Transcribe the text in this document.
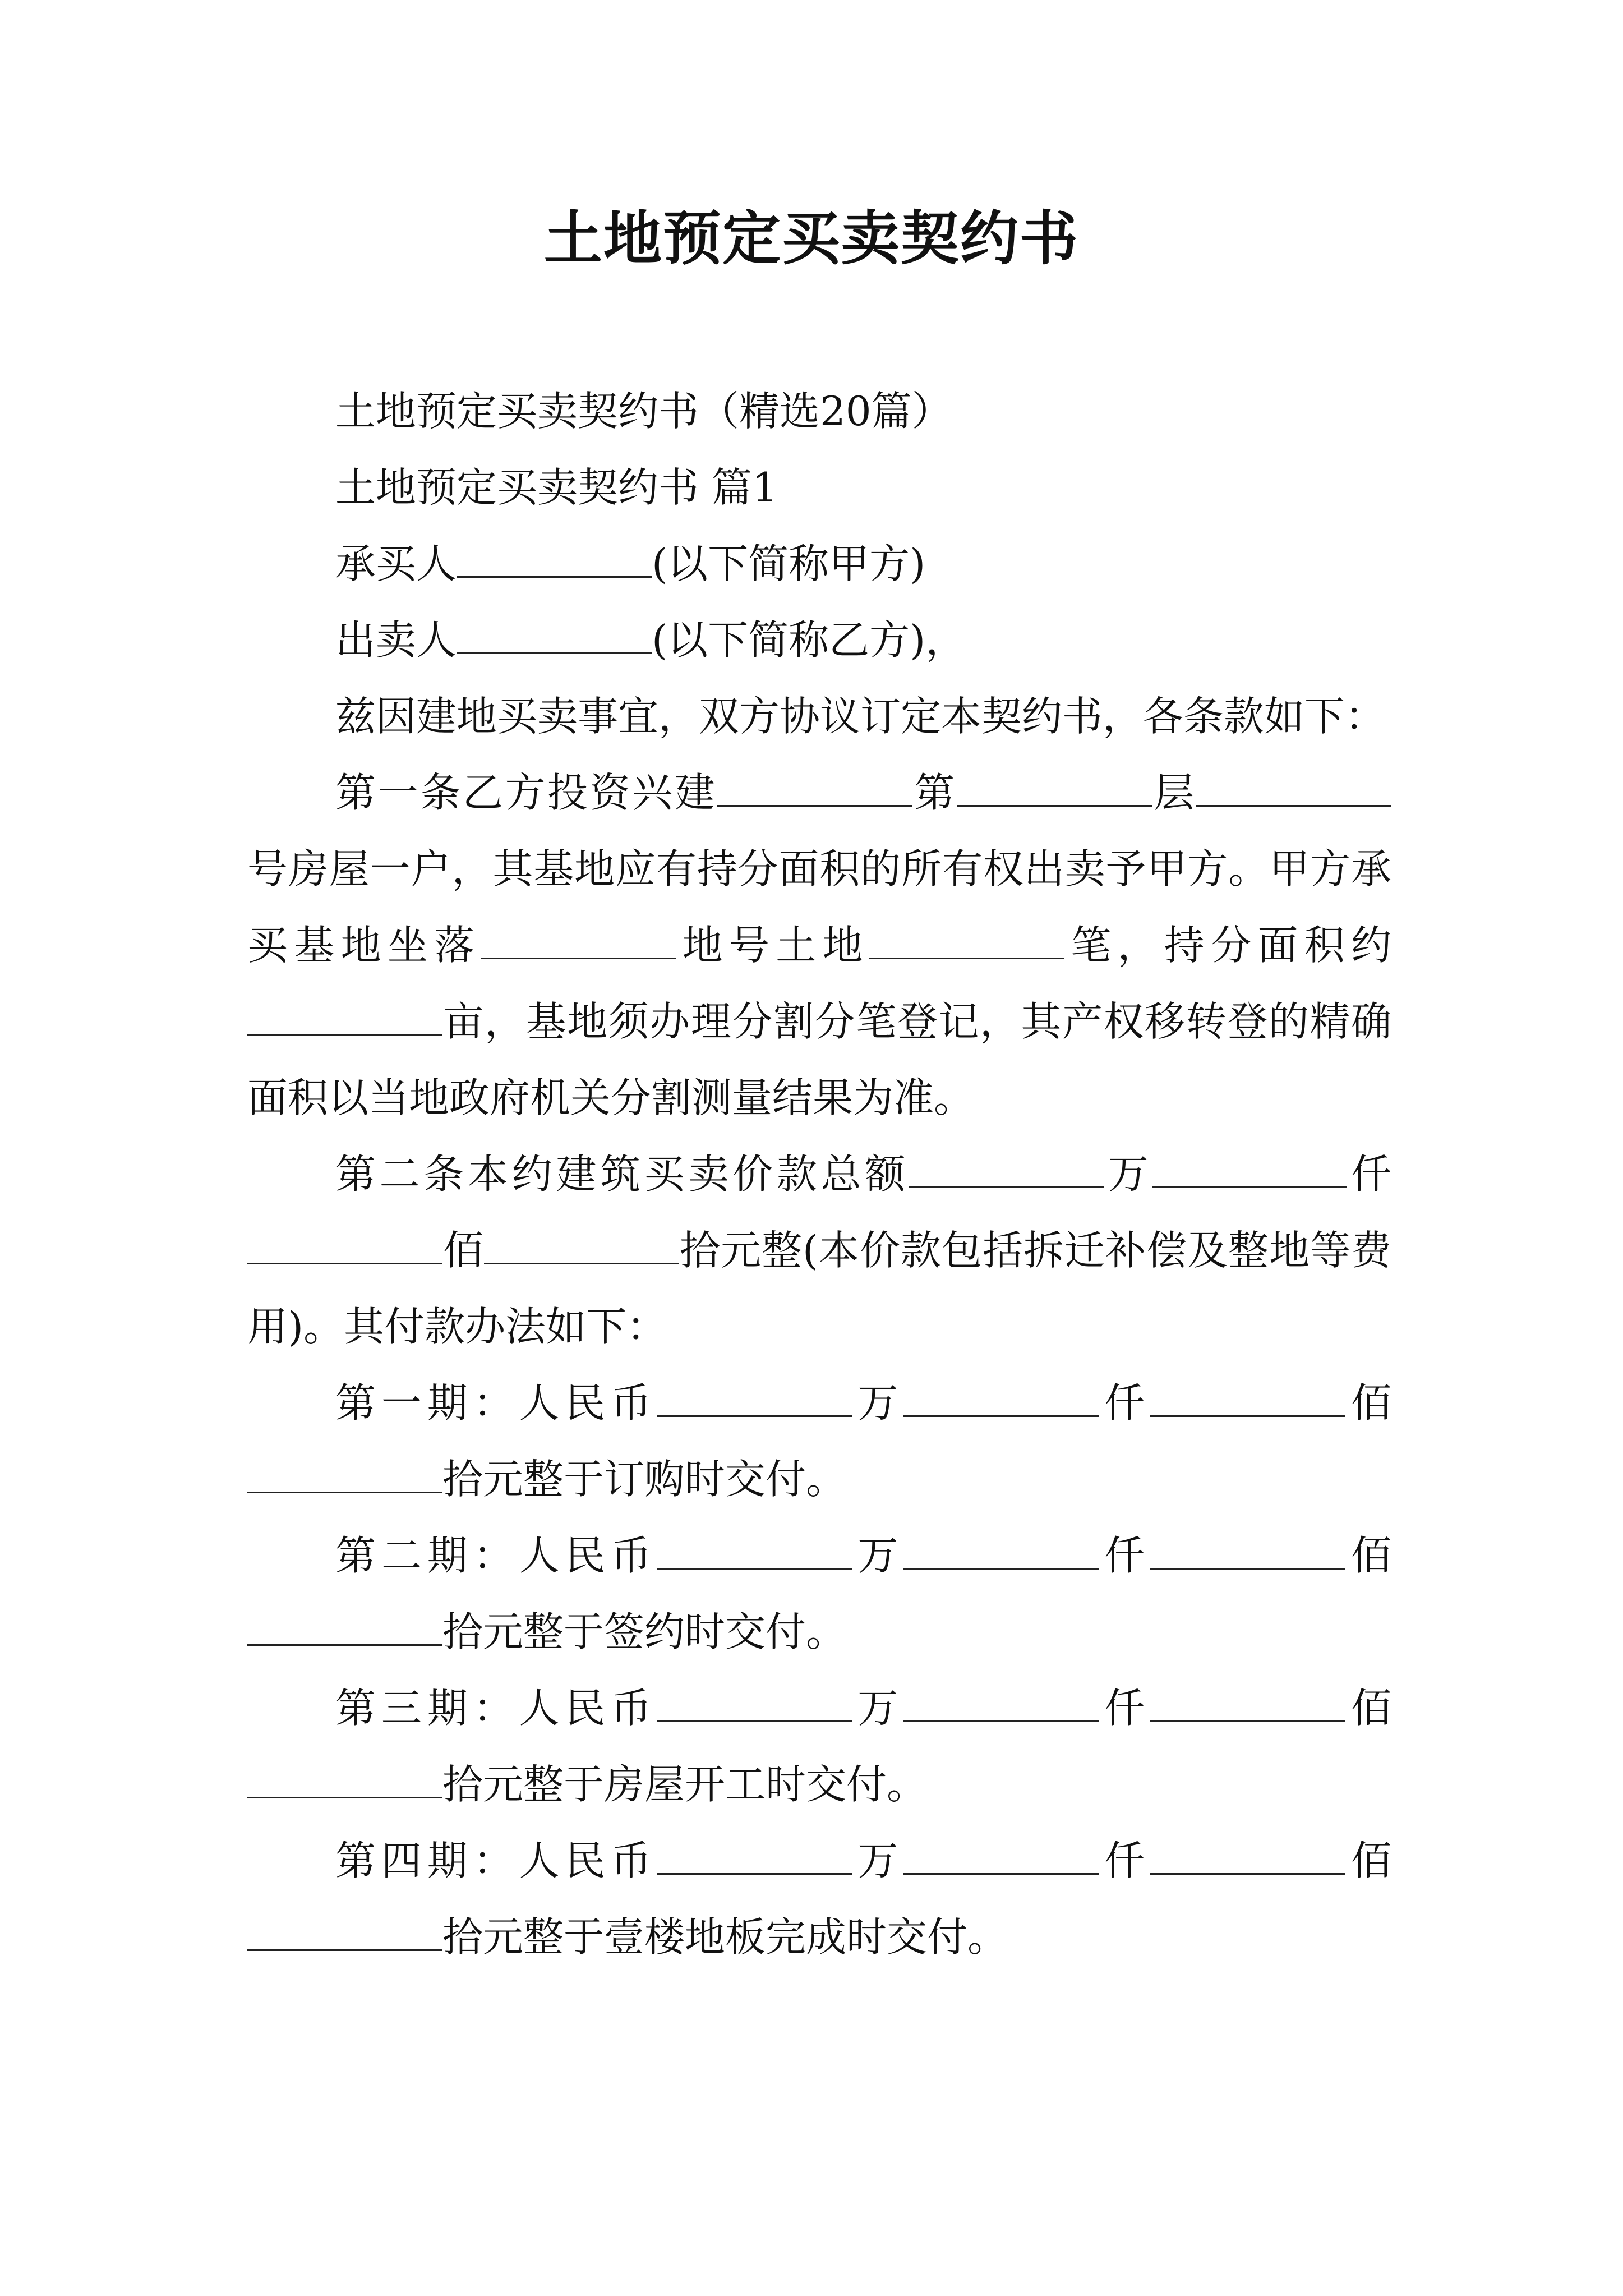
土地预定买卖契约书

土地预定买卖契约书（精选20篇）

土地预定买卖契约书 篇1

承买人	(以下简称甲方)

出卖人	(以下简称乙方)，

兹因建地买卖事宜，双方协议订定本契约书，各条款如下：

第一条乙方投资兴建	第	层号房屋一户，其基地应有持分面积的所有权出卖予甲方。甲方承买基地坐落	地号土地	笔，持分面积约亩，基地须办理分割分笔登记，其产权移转登的精确面积以当地政府机关分割测量结果为准。

第二条本约建筑买卖价款总额	万	仟佰	拾元整(本价款包括拆迁补偿及整地等费用)。其付款办法如下：

第一期：人民币	万	仟	佰拾元整于订购时交付。

第二期：人民币	万	仟	佰拾元整于签约时交付。

第三期：人民币	万	仟	佰拾元整于房屋开工时交付。

第四期：人民币	万	仟	佰拾元整于壹楼地板完成时交付。
